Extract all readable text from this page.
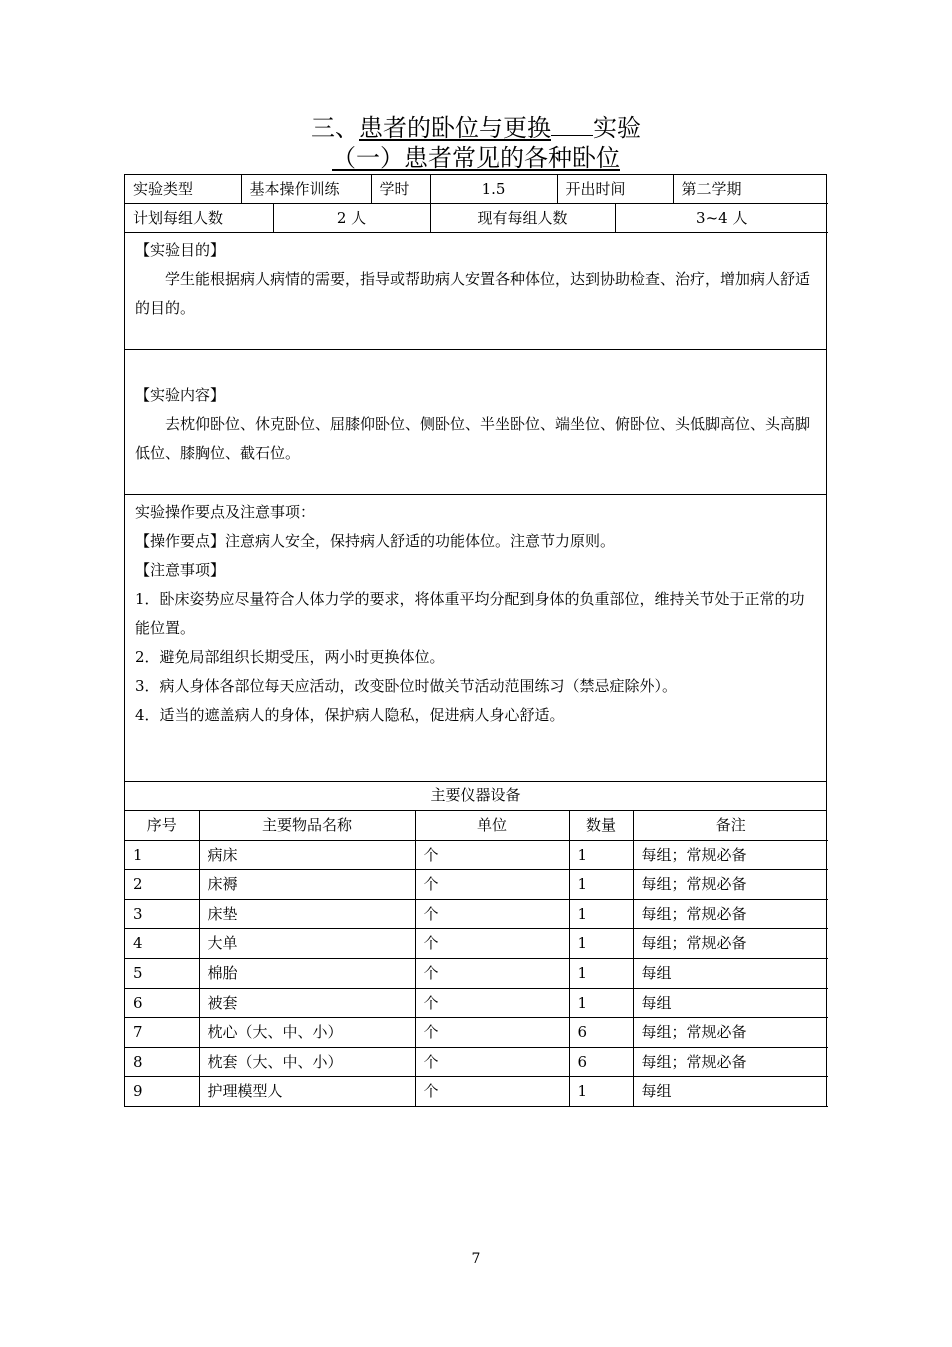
三、患者的卧位与更换 实验
（一）患者常见的各种卧位
实验类型	基本操作训练		学时	1.5	开出时间		第二学期
计划每组人数		2 人		现有每组人数		3~4 人	

【实验目的】

学生能根据病人病情的需要，指导或帮助病人安置各种体位，达到协助检查、治疗，增加病人舒适的目的。

【实验内容】

去枕仰卧位、休克卧位、屈膝仰卧位、侧卧位、半坐卧位、端坐位、俯卧位、头低脚高位、头高脚低位、膝胸位、截石位。

实验操作要点及注意事项：

【操作要点】注意病人安全，保持病人舒适的功能体位。注意节力原则。

【注意事项】

1．卧床姿势应尽量符合人体力学的要求，将体重平均分配到身体的负重部位，维持关节处于正常的功能位置。

2．避免局部组织长期受压，两小时更换体位。

3．病人身体各部位每天应活动，改变卧位时做关节活动范围练习（禁忌症除外）。

4．适当的遮盖病人的身体，保护病人隐私，促进病人身心舒适。

主要仪器设备
序号	主要物品名称	单位	数量	备注
1	病床	个	1	每组；常规必备
2	床褥	个	1	每组；常规必备
3	床垫	个	1	每组；常规必备
4	大单	个	1	每组；常规必备
5	棉胎	个	1	每组
6	被套	个	1	每组
7	枕心（大、中、小）	个	6	每组；常规必备
8	枕套（大、中、小）	个	6	每组；常规必备
9	护理模型人	个	1	每组
7
